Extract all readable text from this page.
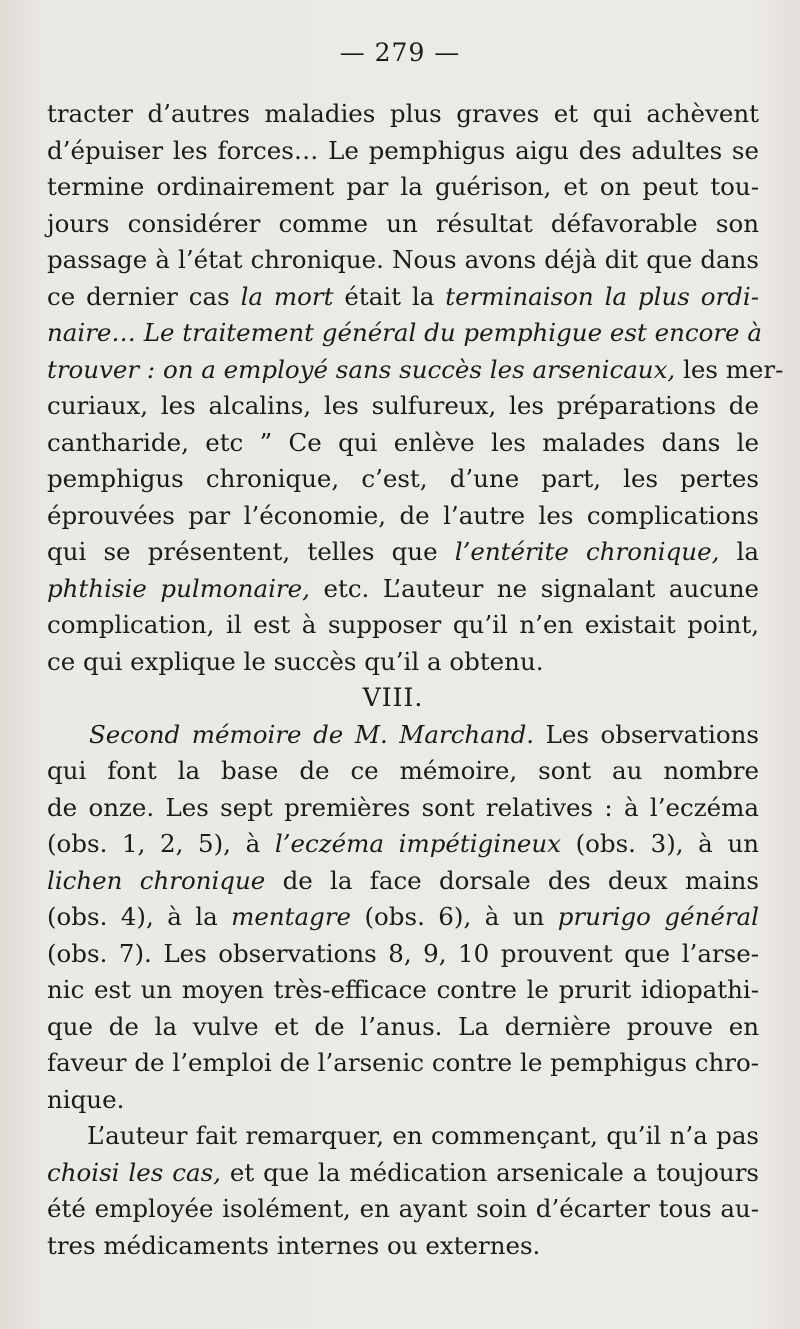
— 279 —
tracter d’autres maladies plus graves et qui achèvent
d’épuiser les forces… Le pemphigus aigu des adultes se
termine ordinairement par la guérison, et on peut tou-
jours considérer comme un résultat défavorable son
passage à l’état chronique. Nous avons déjà dit que dans
ce dernier cas la mort était la terminaison la plus ordi-
naire… Le traitement général du pemphigue est encore à
trouver : on a employé sans succès les arsenicaux, les mer-
curiaux, les alcalins, les sulfureux, les préparations de
cantharide, etc ” Ce qui enlève les malades dans le
pemphigus chronique, c’est, d’une part, les pertes
éprouvées par l’économie, de l’autre les complications
qui se présentent, telles que l’entérite chronique, la
phthisie pulmonaire, etc. L’auteur ne signalant aucune
complication, il est à supposer qu’il n’en existait point,
ce qui explique le succès qu’il a obtenu.
VIII.
Second mémoire de M. Marchand. Les observations
qui font la base de ce mémoire, sont au nombre
de onze. Les sept premières sont relatives : à l’eczéma
(obs. 1, 2, 5), à l’eczéma impétigineux (obs. 3), à un
lichen chronique de la face dorsale des deux mains
(obs. 4), à la mentagre (obs. 6), à un prurigo général
(obs. 7). Les observations 8, 9, 10 prouvent que l’arse-
nic est un moyen très-efficace contre le prurit idiopathi-
que de la vulve et de l’anus. La dernière prouve en
faveur de l’emploi de l’arsenic contre le pemphigus chro-
nique.
L’auteur fait remarquer, en commençant, qu’il n’a pas
choisi les cas, et que la médication arsenicale a toujours
été employée isolément, en ayant soin d’écarter tous au-
tres médicaments internes ou externes.
